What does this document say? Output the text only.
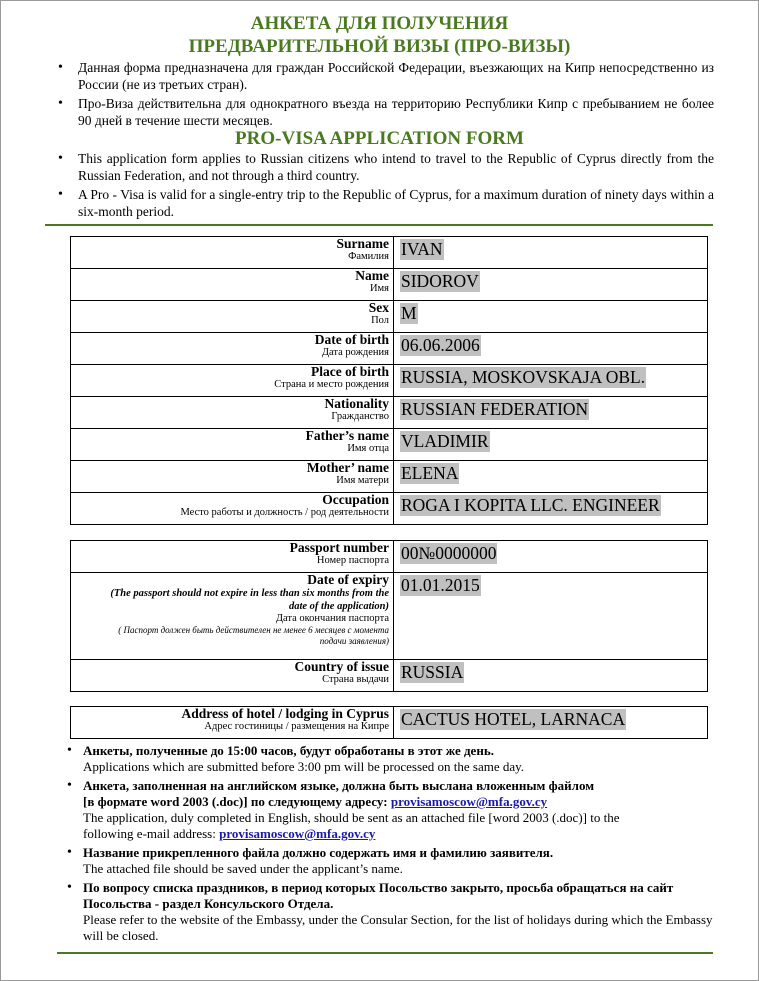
АНКЕТА ДЛЯ ПОЛУЧЕНИЯ
ПРЕДВАРИТЕЛЬНОЙ ВИЗЫ (ПРО-ВИЗЫ)
• Данная форма предназначена для граждан Российской Федерации, въезжающих на Кипр непосредственно из России (не из третьих стран).
• Про-Виза действительна для однократного въезда на территорию Республики Кипр с пребыванием не более 90 дней в течение шести месяцев.
PRO-VISA APPLICATION FORM
• This application form applies to Russian citizens who intend to travel to the Republic of Cyprus directly from the Russian Federation, and not through a third country.
• A Pro - Visa is valid for a single-entry trip to the Republic of Cyprus, for a maximum duration of ninety days within a six-month period.
Surname
Фамилия	IVAN

Name
Имя	SIDOROV

Sex
Пол	M

Date of birth
Дата рождения	06.06.2006

Place of birth
Страна и место рождения	RUSSIA, MOSKOVSKAJA OBL.

Nationality
Гражданство	RUSSIAN FEDERATION

Father’s name
Имя отца	VLADIMIR

Mother’ name
Имя матери	ELENA

Occupation
Место работы и должность / род деятельности	ROGA I KOPITA LLC. ENGINEER
Passport number
Номер паспорта	00№0000000

Date of expiry
(The passport should not expire in less than six months from the date of the application)
Дата окончания паспорта
( Паспорт должен быть действителен не менее 6 месяцев с момента подачи заявления)	01.01.2015

Country of issue
Страна выдачи	RUSSIA
Address of hotel / lodging in Cyprus
Адрес гостиницы / размещения на Кипре	CACTUS HOTEL, LARNACA
• Анкеты, полученные до 15:00 часов, будут обработаны в этот же день.
Applications which are submitted before 3:00 pm will be processed on the same day.
• Анкета, заполненная на английском языке, должна быть выслана вложенным файлом
[в формате word 2003 (.doc)] по следующему адресу: provisamoscow@mfa.gov.cy
The application, duly completed in English, should be sent as an attached file [word 2003 (.doc)] to the
following e-mail address: provisamoscow@mfa.gov.cy
• Название прикрепленного файла должно содержать имя и фамилию заявителя.
The attached file should be saved under the applicant’s name.
• По вопросу списка праздников, в период которых Посольство закрыто, просьба обращаться на сайт Посольства - раздел Консульского Отдела.
Please refer to the website of the Embassy, under the Consular Section, for the list of holidays during which the Embassy will be closed.
